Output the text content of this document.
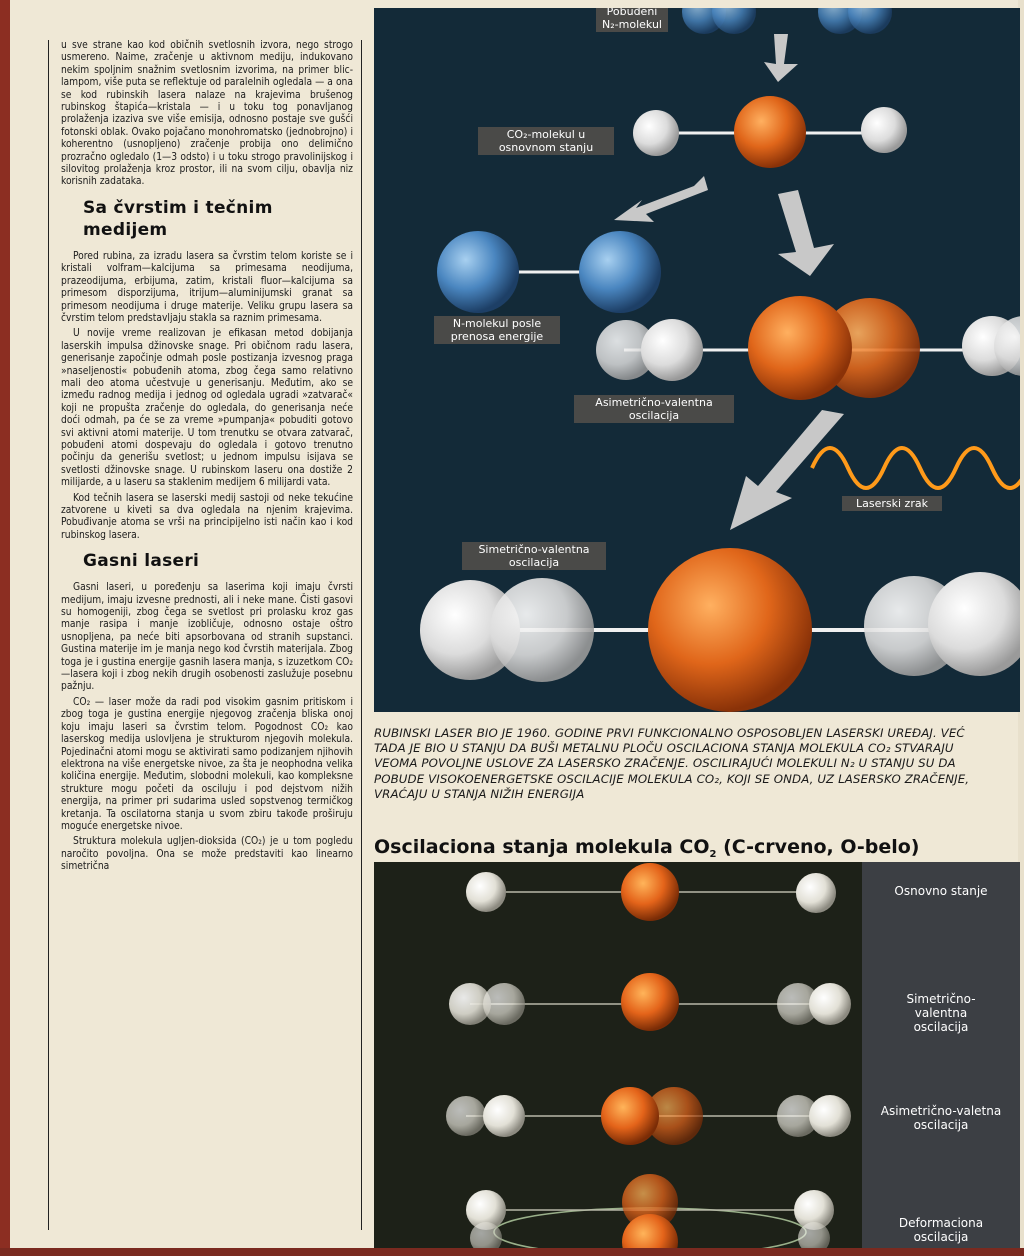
u sve strane kao kod običnih svetlosnih izvora, nego strogo usmereno. Naime, zračenje u aktivnom mediju, indukovano nekim spoljnim snažnim svetlosnim izvorima, na primer blic-lampom, više puta se reflektuje od paralelnih ogledala — a ona se kod rubinskih lasera nalaze na krajevima brušenog rubinskog štapića—kristala — i u toku tog ponavljanog prolaženja izaziva sve više emisija, odnosno postaje sve gušći fotonski oblak. Ovako pojačano monohromatsko (jednobrojno) i koherentno (usnopljeno) zračenje probija ono delimično prozračno ogledalo (1—3 odsto) i u toku strogo pravolinijskog i silovitog prolaženja kroz prostor, ili na svom cilju, obavlja niz korisnih zadataka.

Sa čvrstim i tečnim medijem

Pored rubina, za izradu lasera sa čvrstim telom koriste se i kristali volfram—kalcijuma sa primesama neodijuma, prazeodijuma, erbijuma, zatim, kristali fluor—kalcijuma sa primesom disporzijuma, itrijum—aluminijumski granat sa primesom neodijuma i druge materije. Veliku grupu lasera sa čvrstim telom predstavljaju stakla sa raznim primesama.

U novije vreme realizovan je efikasan metod dobijanja laserskih impulsa džinovske snage. Pri običnom radu lasera, generisanje započinje odmah posle postizanja izvesnog praga »naseljenosti« pobuđenih atoma, zbog čega samo relativno mali deo atoma učestvuje u generisanju. Međutim, ako se između radnog medija i jednog od ogledala ugradi »zatvarač« koji ne propušta zračenje do ogledala, do generisanja neće doći odmah, pa će se za vreme »pumpanja« pobuditi gotovo svi aktivni atomi materije. U tom trenutku se otvara zatvarač, pobuđeni atomi dospevaju do ogledala i gotovo trenutno počinju da generišu svetlost; u jednom impulsu isijava se svetlosti džinovske snage. U rubinskom laseru ona dostiže 2 milijarde, a u laseru sa staklenim medijem 6 milijardi vata.

Kod tečnih lasera se laserski medij sastoji od neke tekućine zatvorene u kiveti sa dva ogledala na njenim krajevima. Pobuđivanje atoma se vrši na principijelno isti način kao i kod rubinskog lasera.

Gasni laseri

Gasni laseri, u poređenju sa laserima koji imaju čvrsti medijum, imaju izvesne prednosti, ali i neke mane. Čisti gasovi su homogeniji, zbog čega se svetlost pri prolasku kroz gas manje rasipa i manje izobličuje, odnosno ostaje oštro usnopljena, pa neće biti apsorbovana od stranih supstanci. Gustina materije im je manja nego kod čvrstih materijala. Zbog toga je i gustina energije gasnih lasera manja, s izuzetkom CO₂—lasera koji i zbog nekih drugih osobenosti zaslužuje posebnu pažnju.

CO₂ — laser može da radi pod visokim gasnim pritiskom i zbog toga je gustina energije njegovog zračenja bliska onoj koju imaju laseri sa čvrstim telom. Pogodnost CO₂ kao laserskog medija uslovljena je strukturom njegovih molekula. Pojedinačni atomi mogu se aktivirati samo podizanjem njihovih elektrona na više energetske nivoe, za šta je neophodna velika količina energije. Međutim, slobodni molekuli, kao kompleksne strukture mogu početi da osciluju i pod dejstvom nižih energija, na primer pri sudarima usled sopstvenog termičkog kretanja. Ta oscilatorna stanja u svom zbiru takođe proširuju moguće energetske nivoe.

Struktura molekula ugljen-dioksida (CO₂) je u tom pogledu naročito povoljna. Ona se može predstaviti kao linearno simetrična

Pobuđeni N₂-molekul
CO₂-molekul u osnovnom stanju
N-molekul posle prenosa energije
Asimetrično-valentna oscilacija
Laserski zrak
Simetrično-valentna oscilacija
RUBINSKI LASER BIO JE 1960. GODINE PRVI FUNKCIONALNO OSPOSOBLJEN LASERSKI UREĐAJ. VEĆ TADA JE BIO U STANJU DA BUŠI METALNU PLOČU OSCILACIONA STANJA MOLEKULA CO₂ STVARAJU VEOMA POVOLJNE USLOVE ZA LASERSKO ZRAČENJE. OSCILIRAJUĆI MOLEKULI N₂ U STANJU SU DA POBUDE VISOKOENERGETSKE OSCILACIJE MOLEKULA CO₂, KOJI SE ONDA, UZ LASERSKO ZRAČENJE, VRAĆAJU U STANJA NIŽIH ENERGIJA
Oscilaciona stanja molekula $CO_2$ (C-crveno, O-belo)
Osnovno stanje
Simetrično-valentna oscilacija
Asimetrično-valetna oscilacija
Deformaciona oscilacija
